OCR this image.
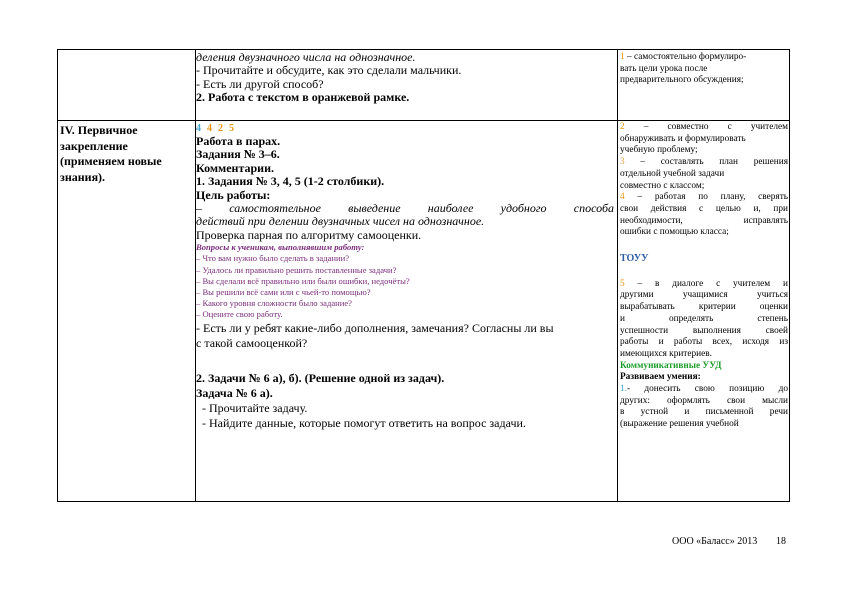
деления двузначного числа на однозначное.
- Прочитайте и обсудите, как это сделали мальчики.
- Есть ли другой способ?
2. Работа с текстом в оранжевой рамке.
1 – самостоятельно формулиро-
вать цели урока после
предварительного обсуждения;
IV. Первичное
закрепление
(применяем новые
знания).
4 4 2 5
Работа в парах.
Задания № 3–6.
Комментарии.
1. Задания № 3, 4, 5 (1-2 столбики).
Цель работы:
– самостоятельное выведение наиболее удобного способа
действий при делении двузначных чисел на однозначное.
Проверка парная по алгоритму самооценки.
Вопросы к ученикам, выполнявшим работу:
– Что вам нужно было сделать в задании?
– Удалось ли правильно решить поставленные задачи?
– Вы сделали всё правильно или были ошибки, недочёты?
– Вы решили всё сами или с чьей-то помощью?
– Какого уровня сложности было задание?
– Оцените свою работу.
- Есть ли у ребят какие-либо дополнения, замечания? Согласны ли вы
с такой самооценкой?
2. Задачи № 6 а), б). (Решение одной из задач).
Задача № 6 а).
- Прочитайте задачу.
- Найдите данные, которые помогут ответить на вопрос задачи.
2 – совместно с учителем
обнаруживать и формулировать
учебную проблему;
3 – составлять план решения
отдельной учебной задачи
совместно с классом;
4 – работая по плану, сверять
свои действия с целью и, при
необходимости, исправлять
ошибки с помощью класса;
ТОУУ
5 – в диалоге с учителем и
другими учащимися учиться
вырабатывать критерии оценки
и определять степень
успешности выполнения своей
работы и работы всех, исходя из
имеющихся критериев.
Коммуникативные УУД
Развиваем умения:
1.- донесить свою позицию до
других: оформлять свои мысли
в устной и письменной речи
(выражение решения учебной
ООО «Баласс» 2013 18
